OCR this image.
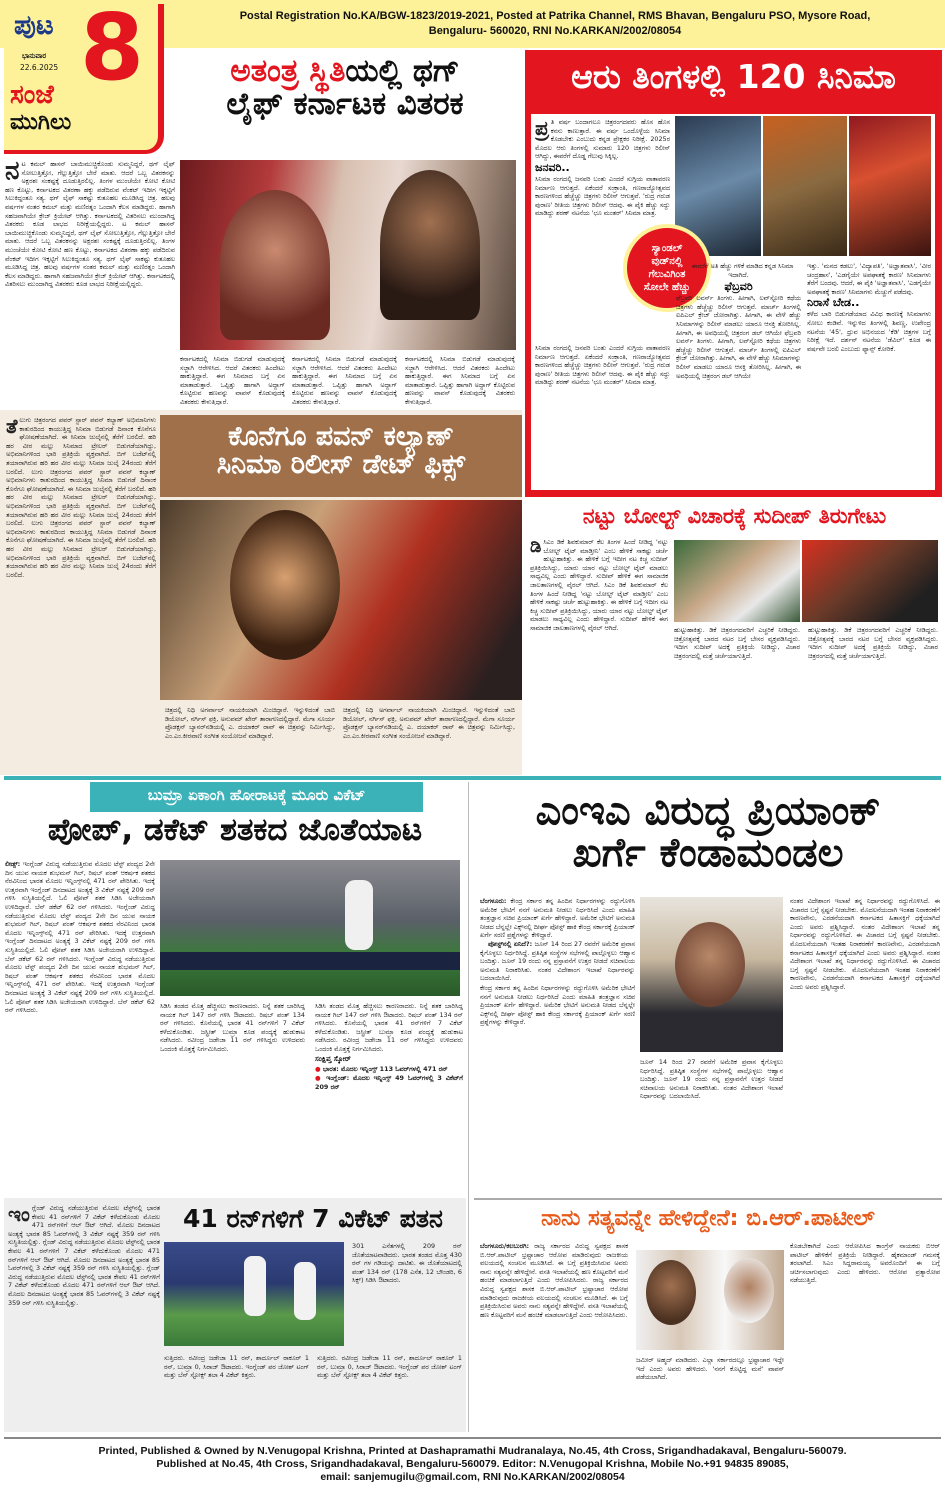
ಪುಟ 8
ಭಾನುವಾರ
22.6.2025
ಸಂಜೆ
ಮುಗಿಲು
Postal Registration No.KA/BGW-1823/2019-2021, Posted at Patrika Channel, RMS Bhavan, Bengaluru PSO, Mysore Road, Bengaluru- 560020, RNI No.KARKAN/2002/08054
ಅತಂತ್ರ ಸ್ಥಿತಿಯಲ್ಲಿ ಥಗ್
ಲೈಫ್ ಕರ್ನಾಟಕ ವಿತರಕ
ನಟ ಕಮಲ್ ಹಾಸನ್ ಬಾಯಿಮುಚ್ಚಿಕೊಂಡು ಸುಮ್ಮನಿದ್ದರೆ, ಥಗ್ ಲೈಫ್ ಸೋಲುತ್ತಿತ್ತೋ, ಗೆಲ್ಲುತ್ತಿತ್ತೋ ಬೇರೆ ಮಾತು. ಆದರೆ ಒಬ್ಬ ವಿತರಕನನ್ನು ಅಕ್ಷರಶಃ ಸಂಕಷ್ಟಕ್ಕೆ ದೂಡುತ್ತಿರಲಿಲ್ಲ. ತಿಂಗಳ ಮುಂಚೆಯೇ ಕೋಟಿ ಕೋಟಿ ಹಣ ಕೊಟ್ಟು, ಕರ್ನಾಟಕದ ವಿತರಣಾ ಹಕ್ಕು ಪಡೆದಿರುವ ವೆಂಕಟ್ ಇದೀಗ ಇಕ್ಕಟ್ಟಿಗೆ ಸಿಲುಕಿದ್ದಂತೂ ಸತ್ಯ. ಥಗ್ ಲೈಫ್ ಸಾಕಷ್ಟು ಕುತೂಹಲ ಮೂಡಿಸಿದ್ದ ಚಿತ್ರ. ಹಲವು ವರ್ಷಗಳ ನಂತರ ಕಮಲ್ ಮತ್ತು ಮಣಿರತ್ನಂ ಒಂದಾಗಿ ಕೆಲಸ ಮಾಡಿದ್ದರು. ಹಾಗಾಗಿ ಸಹಜವಾಗಿಯೇ ಕ್ರೇಜ್ ಕ್ರಿಯೇಟ್ ಆಗಿತ್ತು. ಕರ್ನಾಟಕದಲ್ಲಿ ವಿತರಿಸಲು ಮುಂದಾಗಿದ್ದ ವಿತರಕರು ಕೂಡ ಲಾಭದ ನಿರೀಕ್ಷೆಯಲ್ಲಿದ್ದರು. ಟ ಕಮಲ್ ಹಾಸನ್ ಬಾಯಿಮುಚ್ಚಿಕೊಂಡು ಸುಮ್ಮನಿದ್ದರೆ, ಥಗ್ ಲೈಫ್ ಸೋಲುತ್ತಿತ್ತೋ, ಗೆಲ್ಲುತ್ತಿತ್ತೋ ಬೇರೆ ಮಾತು. ಆದರೆ ಒಬ್ಬ ವಿತರಕನನ್ನು ಅಕ್ಷರಶಃ ಸಂಕಷ್ಟಕ್ಕೆ ದೂಡುತ್ತಿರಲಿಲ್ಲ. ತಿಂಗಳ ಮುಂಚೆಯೇ ಕೋಟಿ ಕೋಟಿ ಹಣ ಕೊಟ್ಟು, ಕರ್ನಾಟಕದ ವಿತರಣಾ ಹಕ್ಕು ಪಡೆದಿರುವ ವೆಂಕಟ್ ಇದೀಗ ಇಕ್ಕಟ್ಟಿಗೆ ಸಿಲುಕಿದ್ದಂತೂ ಸತ್ಯ. ಥಗ್ ಲೈಫ್ ಸಾಕಷ್ಟು ಕುತೂಹಲ ಮೂಡಿಸಿದ್ದ ಚಿತ್ರ. ಹಲವು ವರ್ಷಗಳ ನಂತರ ಕಮಲ್ ಮತ್ತು ಮಣಿರತ್ನಂ ಒಂದಾಗಿ ಕೆಲಸ ಮಾಡಿದ್ದರು. ಹಾಗಾಗಿ ಸಹಜವಾಗಿಯೇ ಕ್ರೇಜ್ ಕ್ರಿಯೇಟ್ ಆಗಿತ್ತು. ಕರ್ನಾಟಕದಲ್ಲಿ ವಿತರಿಸಲು ಮುಂದಾಗಿದ್ದ ವಿತರಕರು ಕೂಡ ಲಾಭದ ನಿರೀಕ್ಷೆಯಲ್ಲಿದ್ದರು.
ಕರ್ನಾಟಕದಲ್ಲಿ ಸಿನಿಮಾ ಬಿಡುಗಡೆ ಮಾಡುವುದಕ್ಕೆ ಸಜ್ಜಾಗಿ ಆರೇಳಿಸಿದ. ಆದರೆ ವಿತರಕರು ಹಿಂದೇಟು ಹಾಕುತ್ತಿದ್ದಾರೆ. ಈಗ ಸಿನಿಮಾದ ಬಗ್ಗೆ ಏನ ಮಾತಾಡುತ್ತಾರೆ. ಒಪ್ಪಿತ್ತು ಹಾಗಾಗಿ ಅದ್ದಾಗ್ ಕೊಟ್ಟಿರುವ ಹಣವನ್ನು ವಾಪಸ್ ಕೊಡುವುದಕ್ಕೆ ವಿತರಕರು ಕೇಳುತ್ತಿದ್ದಾರೆ.
ಕರ್ನಾಟಕದಲ್ಲಿ ಸಿನಿಮಾ ಬಿಡುಗಡೆ ಮಾಡುವುದಕ್ಕೆ ಸಜ್ಜಾಗಿ ಆರೇಳಿಸಿದ. ಆದರೆ ವಿತರಕರು ಹಿಂದೇಟು ಹಾಕುತ್ತಿದ್ದಾರೆ. ಈಗ ಸಿನಿಮಾದ ಬಗ್ಗೆ ಏನ ಮಾತಾಡುತ್ತಾರೆ. ಒಪ್ಪಿತ್ತು ಹಾಗಾಗಿ ಅದ್ದಾಗ್ ಕೊಟ್ಟಿರುವ ಹಣವನ್ನು ವಾಪಸ್ ಕೊಡುವುದಕ್ಕೆ ವಿತರಕರು ಕೇಳುತ್ತಿದ್ದಾರೆ.
ಕರ್ನಾಟಕದಲ್ಲಿ ಸಿನಿಮಾ ಬಿಡುಗಡೆ ಮಾಡುವುದಕ್ಕೆ ಸಜ್ಜಾಗಿ ಆರೇಳಿಸಿದ. ಆದರೆ ವಿತರಕರು ಹಿಂದೇಟು ಹಾಕುತ್ತಿದ್ದಾರೆ. ಈಗ ಸಿನಿಮಾದ ಬಗ್ಗೆ ಏನ ಮಾತಾಡುತ್ತಾರೆ. ಒಪ್ಪಿತ್ತು ಹಾಗಾಗಿ ಅದ್ದಾಗ್ ಕೊಟ್ಟಿರುವ ಹಣವನ್ನು ವಾಪಸ್ ಕೊಡುವುದಕ್ಕೆ ವಿತರಕರು ಕೇಳುತ್ತಿದ್ದಾರೆ.
ಆರು ತಿಂಗಳಲ್ಲಿ 120 ಸಿನಿಮಾ
ಪ್ರ ತಿ ವರ್ಷ ಬಂದಾಗಲೂ ಚಿತ್ರರಂಗದವರು ಹೊಸ ಹೊಸ ಕನಸು ಕಾಣುತ್ತಾರೆ. ಈ ವರ್ಷ ಒಂದೊಳ್ಳೆಯ ಸಿನಿಮಾ ಕೊಡಬೇಕು ಎಂಬುದು ಕನ್ನಡ ಪ್ರೇಕ್ಷಕರ ನಿರೀಕ್ಷೆ. 2025ರ ಮೊದಲ ಆರು ತಿಂಗಳಲ್ಲಿ ಸುಮಾರು 120 ಚಿತ್ರಗಳು ರಿಲೀಸ್ ಆಗಿದ್ದು, ಈವರೆಗೆ ದೊಡ್ಡ ಗೆಲುವು ಸಿಕ್ಕಿಲ್ಲ.

ಜನವರಿ..

ಸಿನಿಮಾ ರಂಗದಲ್ಲಿ ಜನವರಿ ಬಂತು ಎಂದರೆ ಸುಗ್ಗಿಯ ವಾತಾವರಣ ನಿರ್ಮಾಣ ಆಗುತ್ತದೆ. ಏಕೆಂದರೆ ಸಂಕ್ರಾಂತಿ, ಗಣರಾಜ್ಯೋತ್ಸವದ ಕಾರಣಗಳಿಂದ ಹೆಚ್ಚೆಚ್ಚು ಚಿತ್ರಗಳು ರಿಲೀಸ್ ಆಗುತ್ತವೆ. 'ರುದ್ರ ಗರುಡ ಪುರಾಣ' ರೀತಿಯ ಚಿತ್ರಗಳು ರಿಲೀಸ್ ಆದವು. ಈ ಪೈಕಿ ಹೆಚ್ಚು ಸದ್ದು ಮಾಡಿದ್ದು ಶರಣ್ ನಟನೆಯ 'ಛೂ ಮಂತರ್' ಸಿನಿಮಾ ಮಾತ್ರ.
ಸಿನಿಮಾ ರಂಗದಲ್ಲಿ ಜನವರಿ ಬಂತು ಎಂದರೆ ಸುಗ್ಗಿಯ ವಾತಾವರಣ ನಿರ್ಮಾಣ ಆಗುತ್ತದೆ. ಏಕೆಂದರೆ ಸಂಕ್ರಾಂತಿ, ಗಣರಾಜ್ಯೋತ್ಸವದ ಕಾರಣಗಳಿಂದ ಹೆಚ್ಚೆಚ್ಚು ಚಿತ್ರಗಳು ರಿಲೀಸ್ ಆಗುತ್ತವೆ. 'ರುದ್ರ ಗರುಡ ಪುರಾಣ' ರೀತಿಯ ಚಿತ್ರಗಳು ರಿಲೀಸ್ ಆದವು. ಈ ಪೈಕಿ ಹೆಚ್ಚು ಸದ್ದು ಮಾಡಿದ್ದು ಶರಣ್ ನಟನೆಯ 'ಛೂ ಮಂತರ್' ಸಿನಿಮಾ ಮಾತ್ರ.
ಸ್ಯಾಂಡಲ್ ವುಡ್‌ನಲ್ಲಿ ಗೆಲುವಿಗಿಂತ ಸೋಲೇ ಹೆಚ್ಚು

ಈವರೆಗೆ ಅತಿ ಹೆಚ್ಚು ಗಳಿಕೆ ಮಾಡಿದ ಕನ್ನಡ ಸಿನಿಮಾ ಇದಾಗಿದೆ.

ಫೆಬ್ರವರಿ

ಫೆಬ್ರವರಿ ಲವರ್ಸ್ ತಿಂಗಳು. ಹೀಗಾಗಿ, ಲವ್‌ಸ್ಟೋರಿ ಕಥೆಯ ಚಿತ್ರಗಳು ಹೆಚ್ಚೆಚ್ಚು ರಿಲೀಸ್ ಆಗುತ್ತವೆ. ಮಾರ್ಚ್ ತಿಂಗಳಲ್ಲಿ ಐಪಿಎಲ್ ಕ್ರೇಜ್ ಜೋರಾಗಿತ್ತು. ಹೀಗಾಗಿ, ಈ ವೇಳೆ ಹೆಚ್ಚು ಸಿನಿಮಾಗಳನ್ನು ರಿಲೀಸ್ ಮಾಡಲು ಯಾರೂ ಆಸಕ್ತಿ ತೋರಿಸಿಲ್ಲ. ಹೀಗಾಗಿ, ಈ ಅವಧಿಯಲ್ಲಿ ಚಿತ್ರರಂಗ ಡಲ್ ಆಗಿಯೇ ಫೆಬ್ರವರಿ ಲವರ್ಸ್ ತಿಂಗಳು. ಹೀಗಾಗಿ, ಲವ್‌ಸ್ಟೋರಿ ಕಥೆಯ ಚಿತ್ರಗಳು ಹೆಚ್ಚೆಚ್ಚು ರಿಲೀಸ್ ಆಗುತ್ತವೆ. ಮಾರ್ಚ್ ತಿಂಗಳಲ್ಲಿ ಐಪಿಎಲ್ ಕ್ರೇಜ್ ಜೋರಾಗಿತ್ತು. ಹೀಗಾಗಿ, ಈ ವೇಳೆ ಹೆಚ್ಚು ಸಿನಿಮಾಗಳನ್ನು ರಿಲೀಸ್ ಮಾಡಲು ಯಾರೂ ಆಸಕ್ತಿ ತೋರಿಸಿಲ್ಲ. ಹೀಗಾಗಿ, ಈ ಅವಧಿಯಲ್ಲಿ ಚಿತ್ರರಂಗ ಡಲ್ ಆಗಿಯೇ
ಇತ್ತು. 'ಮನದ ಕಡಲು', 'ವಿದ್ಯಾಪತಿ', 'ಅಜ್ಞಾತವಾಸಿ', 'ವೀರ ಚಂದ್ರಹಾಸ', 'ಎಡಗೈಯೇ ಅಪಘಾತಕ್ಕೆ ಕಾರಣ' ಸಿನಿಮಾಗಳು ತೆರೆಗೆ ಬಂದವು. ಆದರೆ, ಈ ಪೈಕಿ 'ಅಜ್ಞಾತವಾಸಿ', 'ಎಡಗೈಯೇ ಅಪಘಾತಕ್ಕೆ ಕಾರಣ' ಸಿನಿಮಾಗಳು ಮೆಚ್ಚುಗೆ ಪಡೆದವು.

ನಿರಾಸೆ ಬೇಡ..

ಕಳೆದ ಬಾರಿ ಬಿಡುಗಡೆಯಾದ ವಿವಿಧ ಕಾರಣಕ್ಕೆ ಸಿನಿಮಾಗಳು ಸೋಲು ಕಂಡಿವೆ. ಇನ್ನುಳಿದ ತಿಂಗಳಲ್ಲಿ ಶಿವಣ್ಣ, ಉಪೇಂದ್ರ ನಟನೆಯ '45', ಧ್ರುವ ಅಭಿನಯದ 'ಕೆಡಿ' ಚಿತ್ರಗಳ ಬಗ್ಗೆ ನಿರೀಕ್ಷೆ ಇದೆ. ದರ್ಶನ್ ನಟನೆಯ 'ಡೆವಿಲ್' ಕೂಡ ಈ ವರ್ಷವೇ ಬರಲಿ ಎಂಬುದು ಫ್ಯಾನ್ಸ್ ಕೋರಿಕೆ.
ತೆಲುಗು ಚಿತ್ರರಂಗದ ಪವರ್ ಸ್ಟಾರ್ ಪವನ್ ಕಲ್ಯಾಣ್ ಅಭಿಮಾನಿಗಳು ಕಾತುರದಿಂದ ಕಾಯುತ್ತಿದ್ದ ಸಿನಿಮಾ ಬಿಡುಗಡೆ ದಿನಾಂಕ ಕೊನೆಗೂ ಘೋಷಣೆಯಾಗಿದೆ. ಈ ಸಿನಿಮಾ ಜುಲೈನಲ್ಲಿ ತೆರೆಗೆ ಬರಲಿದೆ. ಹರಿ ಹರ ವೀರ ಮಲ್ಲು ಸಿನಿಮಾದ ಟ್ರೇಲರ್ ಬಿಡುಗಡೆಯಾಗಿದ್ದು, ಅಭಿಮಾನಿಗಳಿಂದ ಭಾರಿ ಪ್ರತಿಕ್ರಿಯೆ ವ್ಯಕ್ತವಾಗಿದೆ. ಬಿಗ್ ಬಜೆಟ್‌ನಲ್ಲಿ ತಯಾರಾಗಿರುವ ಹರಿ ಹರ ವೀರ ಮಲ್ಲು ಸಿನಿಮಾ ಜುಲೈ 24ರಂದು ತೆರೆಗೆ ಬರಲಿದೆ. ಲುಗು ಚಿತ್ರರಂಗದ ಪವರ್ ಸ್ಟಾರ್ ಪವನ್ ಕಲ್ಯಾಣ್ ಅಭಿಮಾನಿಗಳು ಕಾತುರದಿಂದ ಕಾಯುತ್ತಿದ್ದ ಸಿನಿಮಾ ಬಿಡುಗಡೆ ದಿನಾಂಕ ಕೊನೆಗೂ ಘೋಷಣೆಯಾಗಿದೆ. ಈ ಸಿನಿಮಾ ಜುಲೈನಲ್ಲಿ ತೆರೆಗೆ ಬರಲಿದೆ. ಹರಿ ಹರ ವೀರ ಮಲ್ಲು ಸಿನಿಮಾದ ಟ್ರೇಲರ್ ಬಿಡುಗಡೆಯಾಗಿದ್ದು, ಅಭಿಮಾನಿಗಳಿಂದ ಭಾರಿ ಪ್ರತಿಕ್ರಿಯೆ ವ್ಯಕ್ತವಾಗಿದೆ. ಬಿಗ್ ಬಜೆಟ್‌ನಲ್ಲಿ ತಯಾರಾಗಿರುವ ಹರಿ ಹರ ವೀರ ಮಲ್ಲು ಸಿನಿಮಾ ಜುಲೈ 24ರಂದು ತೆರೆಗೆ ಬರಲಿದೆ. ಲುಗು ಚಿತ್ರರಂಗದ ಪವರ್ ಸ್ಟಾರ್ ಪವನ್ ಕಲ್ಯಾಣ್ ಅಭಿಮಾನಿಗಳು ಕಾತುರದಿಂದ ಕಾಯುತ್ತಿದ್ದ ಸಿನಿಮಾ ಬಿಡುಗಡೆ ದಿನಾಂಕ ಕೊನೆಗೂ ಘೋಷಣೆಯಾಗಿದೆ. ಈ ಸಿನಿಮಾ ಜುಲೈನಲ್ಲಿ ತೆರೆಗೆ ಬರಲಿದೆ. ಹರಿ ಹರ ವೀರ ಮಲ್ಲು ಸಿನಿಮಾದ ಟ್ರೇಲರ್ ಬಿಡುಗಡೆಯಾಗಿದ್ದು, ಅಭಿಮಾನಿಗಳಿಂದ ಭಾರಿ ಪ್ರತಿಕ್ರಿಯೆ ವ್ಯಕ್ತವಾಗಿದೆ. ಬಿಗ್ ಬಜೆಟ್‌ನಲ್ಲಿ ತಯಾರಾಗಿರುವ ಹರಿ ಹರ ವೀರ ಮಲ್ಲು ಸಿನಿಮಾ ಜುಲೈ 24ರಂದು ತೆರೆಗೆ ಬರಲಿದೆ.
ಕೊನೆಗೂ ಪವನ್ ಕಲ್ಯಾಣ್
ಸಿನಿಮಾ ರಿಲೀಸ್ ಡೇಟ್ ಫಿಕ್ಸ್
ಚಿತ್ರದಲ್ಲಿ ನಿಧಿ ಅಗರ್ವಾಲ್ ನಾಯಕಿಯಾಗಿ ಮಿಂಚಿದ್ದಾರೆ. ಇನ್ನುಳಿದಂತೆ ಬಾಬಿ ಡಿಯೋಲ್, ನರ್ಗಿಸ್ ಫಕ್ರಿ, ಅನುಪಮ್ ಖೇರ್ ತಾರಾಗಣದಲ್ಲಿದ್ದಾರೆ. ಮೆಗಾ ಸೂರ್ಯ ಪ್ರೊಡಕ್ಷನ್ ಬ್ಯಾನರ್‌ನಡಿಯಲ್ಲಿ ಎ. ದಯಾಕರ್ ರಾವ್ ಈ ಚಿತ್ರವನ್ನು ನಿರ್ಮಿಸಿದ್ದು, ಎಂ.ಎಂ.ಕೀರವಾಣಿ ಸಂಗೀತ ಸಂಯೋಜನೆ ಮಾಡಿದ್ದಾರೆ.
ಚಿತ್ರದಲ್ಲಿ ನಿಧಿ ಅಗರ್ವಾಲ್ ನಾಯಕಿಯಾಗಿ ಮಿಂಚಿದ್ದಾರೆ. ಇನ್ನುಳಿದಂತೆ ಬಾಬಿ ಡಿಯೋಲ್, ನರ್ಗಿಸ್ ಫಕ್ರಿ, ಅನುಪಮ್ ಖೇರ್ ತಾರಾಗಣದಲ್ಲಿದ್ದಾರೆ. ಮೆಗಾ ಸೂರ್ಯ ಪ್ರೊಡಕ್ಷನ್ ಬ್ಯಾನರ್‌ನಡಿಯಲ್ಲಿ ಎ. ದಯಾಕರ್ ರಾವ್ ಈ ಚಿತ್ರವನ್ನು ನಿರ್ಮಿಸಿದ್ದು, ಎಂ.ಎಂ.ಕೀರವಾಣಿ ಸಂಗೀತ ಸಂಯೋಜನೆ ಮಾಡಿದ್ದಾರೆ.
ನಟ್ಟು ಬೋಲ್ಟ್ ವಿಚಾರಕ್ಕೆ ಸುದೀಪ್ ತಿರುಗೇಟು
ಡಿಸಿಎಂ ಡಿಕೆ ಶಿವಕುಮಾರ್ ಕೆಲ ತಿಂಗಳ ಹಿಂದೆ ನೀಡಿದ್ದ 'ನಟ್ಟು ಬೋಲ್ಟ್ ಟೈಟ್ ಮಾಡ್ತೀನಿ' ಎಂಬ ಹೇಳಿಕೆ ಸಾಕಷ್ಟು ಚರ್ಚೆ ಹುಟ್ಟುಹಾಕಿತ್ತು. ಈ ಹೇಳಿಕೆ ಬಗ್ಗೆ ಇದೀಗ ನಟ ಕಿಚ್ಚ ಸುದೀಪ್ ಪ್ರತಿಕ್ರಿಯಿಸಿದ್ದು, ಯಾರು ಯಾರ ನಟ್ಟು ಬೋಲ್ಟ್ ಟೈಟ್ ಮಾಡಲು ಸಾಧ್ಯವಿಲ್ಲ ಎಂದು ಹೇಳಿದ್ದಾರೆ. ಸುದೀಪ್ ಹೇಳಿಕೆ ಈಗ ಸಾಮಾಜಿಕ ಜಾಲತಾಣಗಳಲ್ಲಿ ವೈರಲ್ ಆಗಿದೆ. ಸಿಎಂ ಡಿಕೆ ಶಿವಕುಮಾರ್ ಕೆಲ ತಿಂಗಳ ಹಿಂದೆ ನೀಡಿದ್ದ 'ನಟ್ಟು ಬೋಲ್ಟ್ ಟೈಟ್ ಮಾಡ್ತೀನಿ' ಎಂಬ ಹೇಳಿಕೆ ಸಾಕಷ್ಟು ಚರ್ಚೆ ಹುಟ್ಟುಹಾಕಿತ್ತು. ಈ ಹೇಳಿಕೆ ಬಗ್ಗೆ ಇದೀಗ ನಟ ಕಿಚ್ಚ ಸುದೀಪ್ ಪ್ರತಿಕ್ರಿಯಿಸಿದ್ದು, ಯಾರು ಯಾರ ನಟ್ಟು ಬೋಲ್ಟ್ ಟೈಟ್ ಮಾಡಲು ಸಾಧ್ಯವಿಲ್ಲ ಎಂದು ಹೇಳಿದ್ದಾರೆ. ಸುದೀಪ್ ಹೇಳಿಕೆ ಈಗ ಸಾಮಾಜಿಕ ಜಾಲತಾಣಗಳಲ್ಲಿ ವೈರಲ್ ಆಗಿದೆ.	ಹುಟ್ಟುಹಾಕಿತ್ತು. ಡಿಕೆ ಚಿತ್ರರಂಗದವರಿಗೆ ಎಚ್ಚರಿಕೆ ನೀಡಿದ್ದರು. ಚಿತ್ರೋತ್ಸವಕ್ಕೆ ಬಾರದ ನಟರ ಬಗ್ಗೆ ಬೇಸರ ವ್ಯಕ್ತಪಡಿಸಿದ್ದರು. ಇದೀಗ ಸುದೀಪ್ ಅದಕ್ಕೆ ಪ್ರತಿಕ್ರಿಯೆ ನೀಡಿದ್ದು, ವಿಚಾರ ಚಿತ್ರರಂಗದಲ್ಲಿ ಮತ್ತೆ ಚರ್ಚೆಯಾಗುತ್ತಿದೆ.
ಹುಟ್ಟುಹಾಕಿತ್ತು. ಡಿಕೆ ಚಿತ್ರರಂಗದವರಿಗೆ ಎಚ್ಚರಿಕೆ ನೀಡಿದ್ದರು. ಚಿತ್ರೋತ್ಸವಕ್ಕೆ ಬಾರದ ನಟರ ಬಗ್ಗೆ ಬೇಸರ ವ್ಯಕ್ತಪಡಿಸಿದ್ದರು. ಇದೀಗ ಸುದೀಪ್ ಅದಕ್ಕೆ ಪ್ರತಿಕ್ರಿಯೆ ನೀಡಿದ್ದು, ವಿಚಾರ ಚಿತ್ರರಂಗದಲ್ಲಿ ಮತ್ತೆ ಚರ್ಚೆಯಾಗುತ್ತಿದೆ.
ಬುಮ್ರಾ ಏಕಾಂಗಿ ಹೋರಾಟಕ್ಕೆ ಮೂರು ವಿಕೆಟ್
ಪೋಪ್, ಡಕೆಟ್ ಶತಕದ ಜೊತೆಯಾಟ
ಲೀಡ್ಸ್: ಇಂಗ್ಲೆಂಡ್ ವಿರುದ್ಧ ನಡೆಯುತ್ತಿರುವ ಮೊದಲ ಟೆಸ್ಟ್ ಪಂದ್ಯದ 2ನೇ ದಿನ ಯುವ ನಾಯಕ ಶುಭಮನ್ ಗಿಲ್, ರಿಷಬ್ ಪಂತ್ ಆಕರ್ಷಕ ಶತಕದ ನೆರವಿನಿಂದ ಭಾರತ ಮೊದಲ ಇನ್ನಿಂಗ್ಸ್‌ನಲ್ಲಿ 471 ರನ್ ಪೇರಿಸಿತು. ಇದಕ್ಕೆ ಉತ್ತರವಾಗಿ ಇಂಗ್ಲೆಂಡ್ ದಿನದಾಟದ ಅಂತ್ಯಕ್ಕೆ 3 ವಿಕೆಟ್ ನಷ್ಟಕ್ಕೆ 209 ರನ್ ಗಳಿಸಿ ಸುಸ್ಥಿತಿಯಲ್ಲಿದೆ. ಓಲಿ ಪೋಪ್ ಶತಕ ಸಿಡಿಸಿ ಅಜೇಯರಾಗಿ ಉಳಿದಿದ್ದಾರೆ. ಬೆನ್ ಡಕೆಟ್ 62 ರನ್ ಗಳಿಸಿದರು. ಇಂಗ್ಲೆಂಡ್ ವಿರುದ್ಧ ನಡೆಯುತ್ತಿರುವ ಮೊದಲ ಟೆಸ್ಟ್ ಪಂದ್ಯದ 2ನೇ ದಿನ ಯುವ ನಾಯಕ ಶುಭಮನ್ ಗಿಲ್, ರಿಷಬ್ ಪಂತ್ ಆಕರ್ಷಕ ಶತಕದ ನೆರವಿನಿಂದ ಭಾರತ ಮೊದಲ ಇನ್ನಿಂಗ್ಸ್‌ನಲ್ಲಿ 471 ರನ್ ಪೇರಿಸಿತು. ಇದಕ್ಕೆ ಉತ್ತರವಾಗಿ ಇಂಗ್ಲೆಂಡ್ ದಿನದಾಟದ ಅಂತ್ಯಕ್ಕೆ 3 ವಿಕೆಟ್ ನಷ್ಟಕ್ಕೆ 209 ರನ್ ಗಳಿಸಿ ಸುಸ್ಥಿತಿಯಲ್ಲಿದೆ. ಓಲಿ ಪೋಪ್ ಶತಕ ಸಿಡಿಸಿ ಅಜೇಯರಾಗಿ ಉಳಿದಿದ್ದಾರೆ. ಬೆನ್ ಡಕೆಟ್ 62 ರನ್ ಗಳಿಸಿದರು. ಇಂಗ್ಲೆಂಡ್ ವಿರುದ್ಧ ನಡೆಯುತ್ತಿರುವ ಮೊದಲ ಟೆಸ್ಟ್ ಪಂದ್ಯದ 2ನೇ ದಿನ ಯುವ ನಾಯಕ ಶುಭಮನ್ ಗಿಲ್, ರಿಷಬ್ ಪಂತ್ ಆಕರ್ಷಕ ಶತಕದ ನೆರವಿನಿಂದ ಭಾರತ ಮೊದಲ ಇನ್ನಿಂಗ್ಸ್‌ನಲ್ಲಿ 471 ರನ್ ಪೇರಿಸಿತು. ಇದಕ್ಕೆ ಉತ್ತರವಾಗಿ ಇಂಗ್ಲೆಂಡ್ ದಿನದಾಟದ ಅಂತ್ಯಕ್ಕೆ 3 ವಿಕೆಟ್ ನಷ್ಟಕ್ಕೆ 209 ರನ್ ಗಳಿಸಿ ಸುಸ್ಥಿತಿಯಲ್ಲಿದೆ. ಓಲಿ ಪೋಪ್ ಶತಕ ಸಿಡಿಸಿ ಅಜೇಯರಾಗಿ ಉಳಿದಿದ್ದಾರೆ. ಬೆನ್ ಡಕೆಟ್ 62 ರನ್ ಗಳಿಸಿದರು.
ಸಿಡಿಸಿ ತಂಡದ ಮೊತ್ತ ಹೆಚ್ಚಿಸಲು ಕಾರಣರಾದರು. ನಿನ್ನೆ ಶತಕ ಬಾರಿಸಿದ್ದ ನಾಯಕ ಗಿಲ್ 147 ರನ್ ಗಳಿಸಿ ಔಟಾದರು. ರಿಷಬ್ ಪಂತ್ 134 ರನ್ ಗಳಿಸಿದರು. ಕೊನೆಯಲ್ಲಿ ಭಾರತ 41 ರನ್‌ಗಳಿಗೆ 7 ವಿಕೆಟ್ ಕಳೆದುಕೊಂಡಿತು. ಜಸ್ಪ್ರೀತ್ ಬುಮ್ರಾ ಕೂಡ ಪಂದ್ಯಕ್ಕೆ ಹುಡುಕಾಟ ನಡೆಸಿದರು. ರವೀಂದ್ರ ಜಡೇಜಾ 11 ರನ್ ಗಳಿಸಿದ್ದರು ಉಳಿದವರು ಒಂದಂಕಿ ಮೊತ್ತಕ್ಕೆ ನಿರ್ಗಮಿಸಿದರು.
ಸಿಡಿಸಿ ತಂಡದ ಮೊತ್ತ ಹೆಚ್ಚಿಸಲು ಕಾರಣರಾದರು. ನಿನ್ನೆ ಶತಕ ಬಾರಿಸಿದ್ದ ನಾಯಕ ಗಿಲ್ 147 ರನ್ ಗಳಿಸಿ ಔಟಾದರು. ರಿಷಬ್ ಪಂತ್ 134 ರನ್ ಗಳಿಸಿದರು. ಕೊನೆಯಲ್ಲಿ ಭಾರತ 41 ರನ್‌ಗಳಿಗೆ 7 ವಿಕೆಟ್ ಕಳೆದುಕೊಂಡಿತು. ಜಸ್ಪ್ರೀತ್ ಬುಮ್ರಾ ಕೂಡ ಪಂದ್ಯಕ್ಕೆ ಹುಡುಕಾಟ ನಡೆಸಿದರು. ರವೀಂದ್ರ ಜಡೇಜಾ 11 ರನ್ ಗಳಿಸಿದ್ದರು ಉಳಿದವರು ಒಂದಂಕಿ ಮೊತ್ತಕ್ಕೆ ನಿರ್ಗಮಿಸಿದರು.

ಸಂಕ್ಷಿಪ್ತ ಸ್ಕೋರ್

● ಭಾರತ: ಮೊದಲ ಇನ್ನಿಂಗ್ಸ್ 113 ಓವರ್‌ಗಳಲ್ಲಿ 471 ರನ್

● ಇಂಗ್ಲೆಂಡ್: ಮೊದಲ ಇನ್ನಿಂಗ್ಸ್ 49 ಓವರ್‌ಗಳಲ್ಲಿ 3 ವಿಕೆಟ್‌ಗೆ 209 ರನ್

ಎಂಇಎ ವಿರುದ್ಧ ಪ್ರಿಯಾಂಕ್
ಖರ್ಗೆ ಕೆಂಡಾಮಂಡಲ
ಬೆಂಗಳೂರು: ಕೇಂದ್ರ ಸರ್ಕಾರ ತನ್ನ ಹಿಂದಿನ ನಿರ್ಧಾರಗಳನ್ನು ರದ್ದುಗೊಳಿಸಿ ಅಮೆರಿಕ ಭೇಟಿಗೆ ನನಗೆ ಅನುಮತಿ ನೀಡಲು ನಿರ್ಧರಿಸಿದೆ ಎಂದು ಮಾಹಿತಿ ತಂತ್ರಜ್ಞಾನ ಸಚಿವ ಪ್ರಿಯಾಂಕ್ ಖರ್ಗೆ ಹೇಳಿದ್ದಾರೆ. ಅಮೆರಿಕ ಭೇಟಿಗೆ ಅನುಮತಿ ನೀಡದ ಬೆನ್ನಲ್ಲೇ ಎಕ್ಸ್‌ನಲ್ಲಿ ದೀರ್ಘ ಪೋಸ್ಟ್ ಹಾಕಿ ಕೇಂದ್ರ ಸರ್ಕಾರಕ್ಕೆ ಪ್ರಿಯಾಂಕ್ ಖರ್ಗೆ ಸರಣಿ ಪ್ರಶ್ನೆಗಳನ್ನು ಕೇಳಿದ್ದಾರೆ.

ಪೋಸ್ಟ್‌ನಲ್ಲಿ ಏನಿದೆ?: ಜೂನ್ 14 ರಿಂದ 27 ರವರೆಗೆ ಅಮೆರಿಕ ಪ್ರವಾಸ ಕೈಗೊಳ್ಳಲು ನಿರ್ಧರಿಸಿದ್ದೆ. ಪ್ರತಿಷ್ಠಿತ ಸಂಸ್ಥೆಗಳ ಸಭೆಗಳಲ್ಲಿ ಪಾಲ್ಗೊಳ್ಳಲು ಆಹ್ವಾನ ಬಂದಿತ್ತು. ಜೂನ್ 19 ರಂದು ನನ್ನ ಪ್ರಸ್ತಾವನೆಗೆ ಉತ್ತರ ನೀಡದೆ ಸಚಿವಾಲಯ ಅನುಮತಿ ನಿರಾಕರಿಸಿತು. ನಂತರ ವಿದೇಶಾಂಗ ಇಲಾಖೆ ನಿರ್ಧಾರವನ್ನು ಬದಲಾಯಿಸಿದೆ.

ಕೇಂದ್ರ ಸರ್ಕಾರ ತನ್ನ ಹಿಂದಿನ ನಿರ್ಧಾರಗಳನ್ನು ರದ್ದುಗೊಳಿಸಿ ಅಮೆರಿಕ ಭೇಟಿಗೆ ನನಗೆ ಅನುಮತಿ ನೀಡಲು ನಿರ್ಧರಿಸಿದೆ ಎಂದು ಮಾಹಿತಿ ತಂತ್ರಜ್ಞಾನ ಸಚಿವ ಪ್ರಿಯಾಂಕ್ ಖರ್ಗೆ ಹೇಳಿದ್ದಾರೆ. ಅಮೆರಿಕ ಭೇಟಿಗೆ ಅನುಮತಿ ನೀಡದ ಬೆನ್ನಲ್ಲೇ ಎಕ್ಸ್‌ನಲ್ಲಿ ದೀರ್ಘ ಪೋಸ್ಟ್ ಹಾಕಿ ಕೇಂದ್ರ ಸರ್ಕಾರಕ್ಕೆ ಪ್ರಿಯಾಂಕ್ ಖರ್ಗೆ ಸರಣಿ ಪ್ರಶ್ನೆಗಳನ್ನು ಕೇಳಿದ್ದಾರೆ.
ಜೂನ್ 14 ರಿಂದ 27 ರವರೆಗೆ ಅಮೆರಿಕ ಪ್ರವಾಸ ಕೈಗೊಳ್ಳಲು ನಿರ್ಧರಿಸಿದ್ದೆ. ಪ್ರತಿಷ್ಠಿತ ಸಂಸ್ಥೆಗಳ ಸಭೆಗಳಲ್ಲಿ ಪಾಲ್ಗೊಳ್ಳಲು ಆಹ್ವಾನ ಬಂದಿತ್ತು. ಜೂನ್ 19 ರಂದು ನನ್ನ ಪ್ರಸ್ತಾವನೆಗೆ ಉತ್ತರ ನೀಡದೆ ಸಚಿವಾಲಯ ಅನುಮತಿ ನಿರಾಕರಿಸಿತು. ನಂತರ ವಿದೇಶಾಂಗ ಇಲಾಖೆ ನಿರ್ಧಾರವನ್ನು ಬದಲಾಯಿಸಿದೆ.
ನಂತರ ವಿದೇಶಾಂಗ ಇಲಾಖೆ ತನ್ನ ನಿರ್ಧಾರವನ್ನು ರದ್ದುಗೊಳಿಸಿದೆ. ಈ ವಿಚಾರದ ಬಗ್ಗೆ ಸ್ಪಷ್ಟನೆ ನೀಡಬೇಕು. ಮೊದಲನೆಯದಾಗಿ ಇಂತಹ ನಿರಾಕರಣೆಗೆ ಕಾರಣವೇನು, ಎರಡನೆಯದಾಗಿ ಕರ್ನಾಟಕದ ಹಿತಾಸಕ್ತಿಗೆ ಧಕ್ಕೆಯಾಗಿದೆ ಎಂದು ಅವರು ಪ್ರಶ್ನಿಸಿದ್ದಾರೆ. ನಂತರ ವಿದೇಶಾಂಗ ಇಲಾಖೆ ತನ್ನ ನಿರ್ಧಾರವನ್ನು ರದ್ದುಗೊಳಿಸಿದೆ. ಈ ವಿಚಾರದ ಬಗ್ಗೆ ಸ್ಪಷ್ಟನೆ ನೀಡಬೇಕು. ಮೊದಲನೆಯದಾಗಿ ಇಂತಹ ನಿರಾಕರಣೆಗೆ ಕಾರಣವೇನು, ಎರಡನೆಯದಾಗಿ ಕರ್ನಾಟಕದ ಹಿತಾಸಕ್ತಿಗೆ ಧಕ್ಕೆಯಾಗಿದೆ ಎಂದು ಅವರು ಪ್ರಶ್ನಿಸಿದ್ದಾರೆ. ನಂತರ ವಿದೇಶಾಂಗ ಇಲಾಖೆ ತನ್ನ ನಿರ್ಧಾರವನ್ನು ರದ್ದುಗೊಳಿಸಿದೆ. ಈ ವಿಚಾರದ ಬಗ್ಗೆ ಸ್ಪಷ್ಟನೆ ನೀಡಬೇಕು. ಮೊದಲನೆಯದಾಗಿ ಇಂತಹ ನಿರಾಕರಣೆಗೆ ಕಾರಣವೇನು, ಎರಡನೆಯದಾಗಿ ಕರ್ನಾಟಕದ ಹಿತಾಸಕ್ತಿಗೆ ಧಕ್ಕೆಯಾಗಿದೆ ಎಂದು ಅವರು ಪ್ರಶ್ನಿಸಿದ್ದಾರೆ.
ಇಂಗ್ಲೆಂಡ್ ವಿರುದ್ಧ ನಡೆಯುತ್ತಿರುವ ಮೊದಲ ಟೆಸ್ಟ್‌ನಲ್ಲಿ ಭಾರತ ಕೇವಲ 41 ರನ್‌ಗಳಿಗೆ 7 ವಿಕೆಟ್ ಕಳೆದುಕೊಂಡು ಮೊದಲ 471 ರನ್‌ಗಳಿಗೆ ಆಲ್ ಔಟ್ ಆಗಿದೆ. ಮೊದಲ ದಿನದಾಟದ ಅಂತ್ಯಕ್ಕೆ ಭಾರತ 85 ಓವರ್‌ಗಳಲ್ಲಿ 3 ವಿಕೆಟ್ ನಷ್ಟಕ್ಕೆ 359 ರನ್ ಗಳಿಸಿ ಸುಸ್ಥಿತಿಯಲ್ಲಿತ್ತು. ಗ್ಲೆಂಡ್ ವಿರುದ್ಧ ನಡೆಯುತ್ತಿರುವ ಮೊದಲ ಟೆಸ್ಟ್‌ನಲ್ಲಿ ಭಾರತ ಕೇವಲ 41 ರನ್‌ಗಳಿಗೆ 7 ವಿಕೆಟ್ ಕಳೆದುಕೊಂಡು ಮೊದಲ 471 ರನ್‌ಗಳಿಗೆ ಆಲ್ ಔಟ್ ಆಗಿದೆ. ಮೊದಲ ದಿನದಾಟದ ಅಂತ್ಯಕ್ಕೆ ಭಾರತ 85 ಓವರ್‌ಗಳಲ್ಲಿ 3 ವಿಕೆಟ್ ನಷ್ಟಕ್ಕೆ 359 ರನ್ ಗಳಿಸಿ ಸುಸ್ಥಿತಿಯಲ್ಲಿತ್ತು. ಗ್ಲೆಂಡ್ ವಿರುದ್ಧ ನಡೆಯುತ್ತಿರುವ ಮೊದಲ ಟೆಸ್ಟ್‌ನಲ್ಲಿ ಭಾರತ ಕೇವಲ 41 ರನ್‌ಗಳಿಗೆ 7 ವಿಕೆಟ್ ಕಳೆದುಕೊಂಡು ಮೊದಲ 471 ರನ್‌ಗಳಿಗೆ ಆಲ್ ಔಟ್ ಆಗಿದೆ. ಮೊದಲ ದಿನದಾಟದ ಅಂತ್ಯಕ್ಕೆ ಭಾರತ 85 ಓವರ್‌ಗಳಲ್ಲಿ 3 ವಿಕೆಟ್ ನಷ್ಟಕ್ಕೆ 359 ರನ್ ಗಳಿಸಿ ಸುಸ್ಥಿತಿಯಲ್ಲಿತ್ತು.
41 ರನ್‌ಗಳಿಗೆ 7 ವಿಕೆಟ್ ಪತನ
301 ಎಸೆತಗಳಲ್ಲಿ 209 ರನ್ ಜೊತೆಯಾಟವಾಡಿದರು. ಭಾರತ ತಂಡದ ಮೊತ್ತ 430 ರನ್ ಗಳ ಗಡಿಯನ್ನು ದಾಟಿತು. ಈ ಜೊತೆಯಾಟದಲ್ಲಿ ಪಂತ್ 134 ರನ್ (178 ಎಸೆತ, 12 ಬೌಂಡರಿ, 6 ಸಿಕ್ಸ್) ಸಿಡಿಸಿ ಔಟಾದರು.
ಸುತ್ತಿದರು. ರವೀಂದ್ರ ಜಡೇಜಾ 11 ರನ್, ಶಾರ್ದೂಲ್ ಠಾಕೂರ್ 1 ರನ್, ಬುಮ್ರಾ 0, ಸಿರಾಜ್ ಔಟಾದರು. ಇಂಗ್ಲೆಂಡ್ ಪರ ಜೋಶ್ ಟಂಗ್ ಮತ್ತು ಬೆನ್ ಸ್ಟೋಕ್ಸ್ ತಲಾ 4 ವಿಕೆಟ್ ಕಿತ್ತರು.
ಸುತ್ತಿದರು. ರವೀಂದ್ರ ಜಡೇಜಾ 11 ರನ್, ಶಾರ್ದೂಲ್ ಠಾಕೂರ್ 1 ರನ್, ಬುಮ್ರಾ 0, ಸಿರಾಜ್ ಔಟಾದರು. ಇಂಗ್ಲೆಂಡ್ ಪರ ಜೋಶ್ ಟಂಗ್ ಮತ್ತು ಬೆನ್ ಸ್ಟೋಕ್ಸ್ ತಲಾ 4 ವಿಕೆಟ್ ಕಿತ್ತರು.
ನಾನು ಸತ್ಯವನ್ನೇ ಹೇಳಿದ್ದೇನೆ: ಬಿ.ಆರ್.ಪಾಟೀಲ್
ಬೆಂಗಳೂರು/ಕಲಬುರಗಿ: ರಾಜ್ಯ ಸರ್ಕಾರದ ವಿರುದ್ಧ ಸ್ವಪಕ್ಷದ ಶಾಸಕ ಬಿ.ಆರ್.ಪಾಟೀಲ್ ಭ್ರಷ್ಟಾಚಾರ ಆರೋಪ ಮಾಡಿರುವುದು ರಾಜಕೀಯ ವಲಯದಲ್ಲಿ ಸಂಚಲನ ಮೂಡಿಸಿದೆ. ಈ ಬಗ್ಗೆ ಪ್ರತಿಕ್ರಿಯಿಸಿರುವ ಅವರು ನಾನು ಸತ್ಯವನ್ನೇ ಹೇಳಿದ್ದೇನೆ. ವಸತಿ ಇಲಾಖೆಯಲ್ಲಿ ಹಣ ಕೊಟ್ಟವರಿಗೆ ಮನೆ ಹಂಚಿಕೆ ಮಾಡಲಾಗುತ್ತಿದೆ ಎಂದು ಆರೋಪಿಸಿದರು. ರಾಜ್ಯ ಸರ್ಕಾರದ ವಿರುದ್ಧ ಸ್ವಪಕ್ಷದ ಶಾಸಕ ಬಿ.ಆರ್.ಪಾಟೀಲ್ ಭ್ರಷ್ಟಾಚಾರ ಆರೋಪ ಮಾಡಿರುವುದು ರಾಜಕೀಯ ವಲಯದಲ್ಲಿ ಸಂಚಲನ ಮೂಡಿಸಿದೆ. ಈ ಬಗ್ಗೆ ಪ್ರತಿಕ್ರಿಯಿಸಿರುವ ಅವರು ನಾನು ಸತ್ಯವನ್ನೇ ಹೇಳಿದ್ದೇನೆ. ವಸತಿ ಇಲಾಖೆಯಲ್ಲಿ ಹಣ ಕೊಟ್ಟವರಿಗೆ ಮನೆ ಹಂಚಿಕೆ ಮಾಡಲಾಗುತ್ತಿದೆ ಎಂದು ಆರೋಪಿಸಿದರು.
ಜಮೀರ್ ಅಹ್ಮದ್ ಮಾಡಿದರು. ಎಲ್ಲಾ ಸರ್ಕಾರದಲ್ಲೂ ಭ್ರಷ್ಟಾಚಾರ ಇದ್ದೇ ಇದೆ ಎಂದು ಅವರು ಹೇಳಿದರು. 'ನನಗೆ ಕೊಟ್ಟಿದ್ದ ಮನೆ' ವಾಪಸ್ ಪಡೆಯಲಾಗಿದೆ.
ಕೊಡಬೇಕಾಗಿದೆ ಎಂದು ಆರೋಪಿಸಿದ ಕಾಂಗ್ರೆಸ್ ನಾಯಕರು ಬಿಆರ್ ಪಾಟೀಲ್ ಹೇಳಿಕೆಗೆ ಪ್ರತಿಕ್ರಿಯೆ ನೀಡಿದ್ದಾರೆ. ಹೈಕಮಾಂಡ್ ಗಮನಕ್ಕೆ ತರಲಾಗಿದೆ. ಸಿಎಂ ಸಿದ್ದರಾಮಯ್ಯ ಅವರೊಂದಿಗೆ ಈ ಬಗ್ಗೆ ಚರ್ಚಿಸಲಾಗುವುದು ಎಂದು ಹೇಳಿದರು. ಆರೋಪ ಪ್ರತ್ಯಾರೋಪ ನಡೆಯುತ್ತಿದೆ.
Printed, Published & Owned by N.Venugopal Krishna, Printed at Dashapramathi Mudranalaya, No.45, 4th Cross, Srigandhadakaval, Bengaluru-560079.
Published at No.45, 4th Cross, Srigandhadakaval, Bengaluru-560079. Editor: N.Venugopal Krishna, Mobile No.+91 94835 89085,
email: sanjemugilu@gmail.com, RNI No.KARKAN/2002/08054
